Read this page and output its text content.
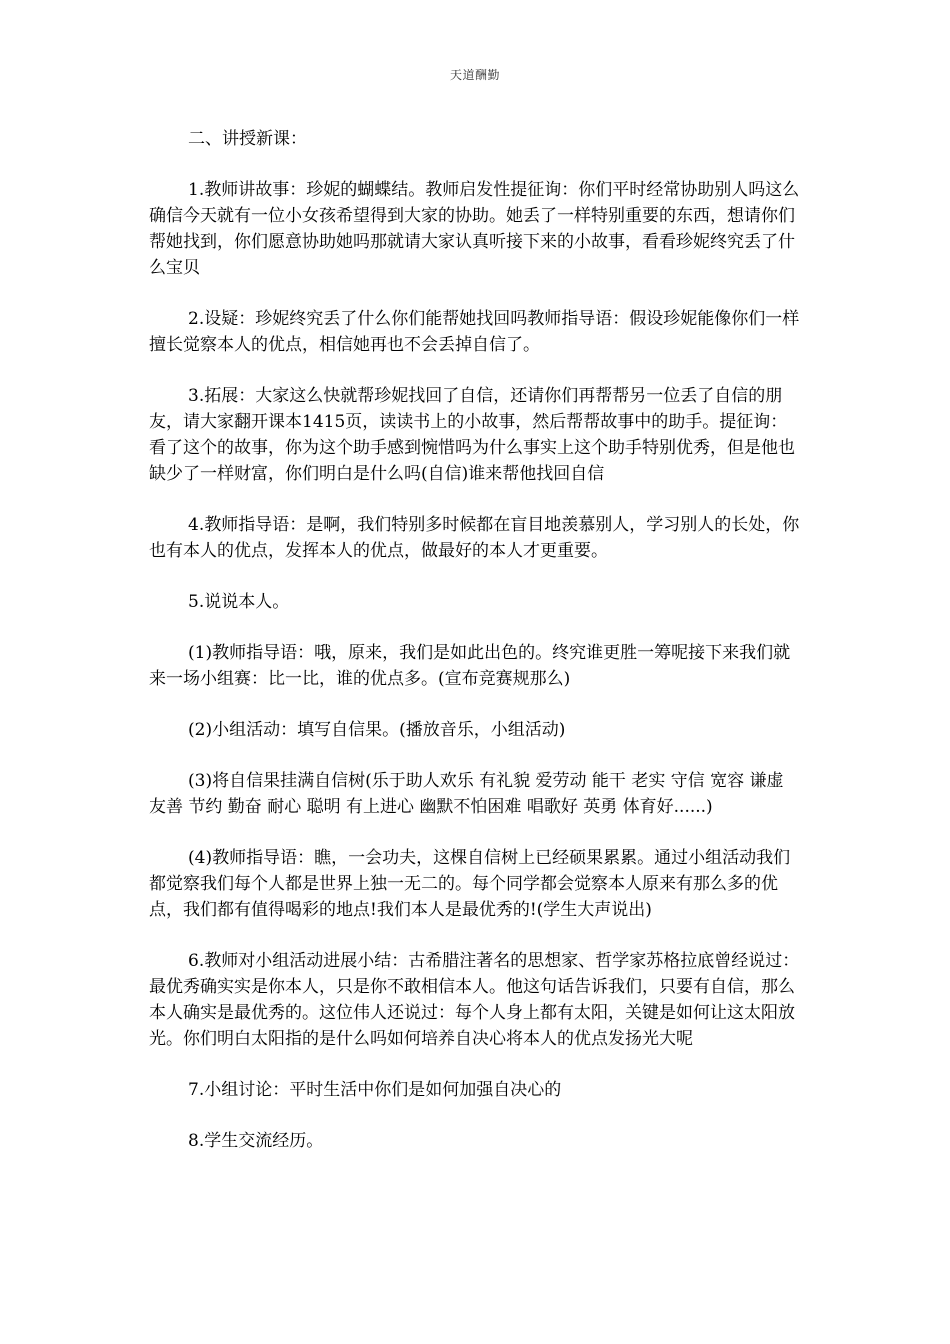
天道酬勤

二、讲授新课：

1.教师讲故事：珍妮的蝴蝶结。教师启发性提征询：你们平时经常协助别人吗这么确信今天就有一位小女孩希望得到大家的协助。她丢了一样特别重要的东西，想请你们帮她找到，你们愿意协助她吗那就请大家认真听接下来的小故事，看看珍妮终究丢了什么宝贝

2.设疑：珍妮终究丢了什么你们能帮她找回吗教师指导语：假设珍妮能像你们一样擅长觉察本人的优点，相信她再也不会丢掉自信了。

3.拓展：大家这么快就帮珍妮找回了自信，还请你们再帮帮另一位丢了自信的朋友，请大家翻开课本1415页，读读书上的小故事，然后帮帮故事中的助手。提征询：看了这个的故事，你为这个助手感到惋惜吗为什么事实上这个助手特别优秀，但是他也缺少了一样财富，你们明白是什么吗(自信)谁来帮他找回自信

4.教师指导语：是啊，我们特别多时候都在盲目地羡慕别人，学习别人的长处，你也有本人的优点，发挥本人的优点，做最好的本人才更重要。

5.说说本人。

(1)教师指导语：哦，原来，我们是如此出色的。终究谁更胜一筹呢接下来我们就来一场小组赛：比一比，谁的优点多。(宣布竞赛规那么)

(2)小组活动：填写自信果。(播放音乐，小组活动)

(3)将自信果挂满自信树(乐于助人欢乐 有礼貌 爱劳动 能干 老实 守信 宽容 谦虚 友善 节约 勤奋 耐心 聪明 有上进心 幽默不怕困难 唱歌好 英勇 体育好......)

(4)教师指导语：瞧，一会功夫，这棵自信树上已经硕果累累。通过小组活动我们都觉察我们每个人都是世界上独一无二的。每个同学都会觉察本人原来有那么多的优点，我们都有值得喝彩的地点!我们本人是最优秀的!(学生大声说出)

6.教师对小组活动进展小结：古希腊注著名的思想家、哲学家苏格拉底曾经说过：最优秀确实实是你本人，只是你不敢相信本人。他这句话告诉我们，只要有自信，那么本人确实是最优秀的。这位伟人还说过：每个人身上都有太阳，关键是如何让这太阳放光。你们明白太阳指的是什么吗如何培养自决心将本人的优点发扬光大呢

7.小组讨论：平时生活中你们是如何加强自决心的

8.学生交流经历。
